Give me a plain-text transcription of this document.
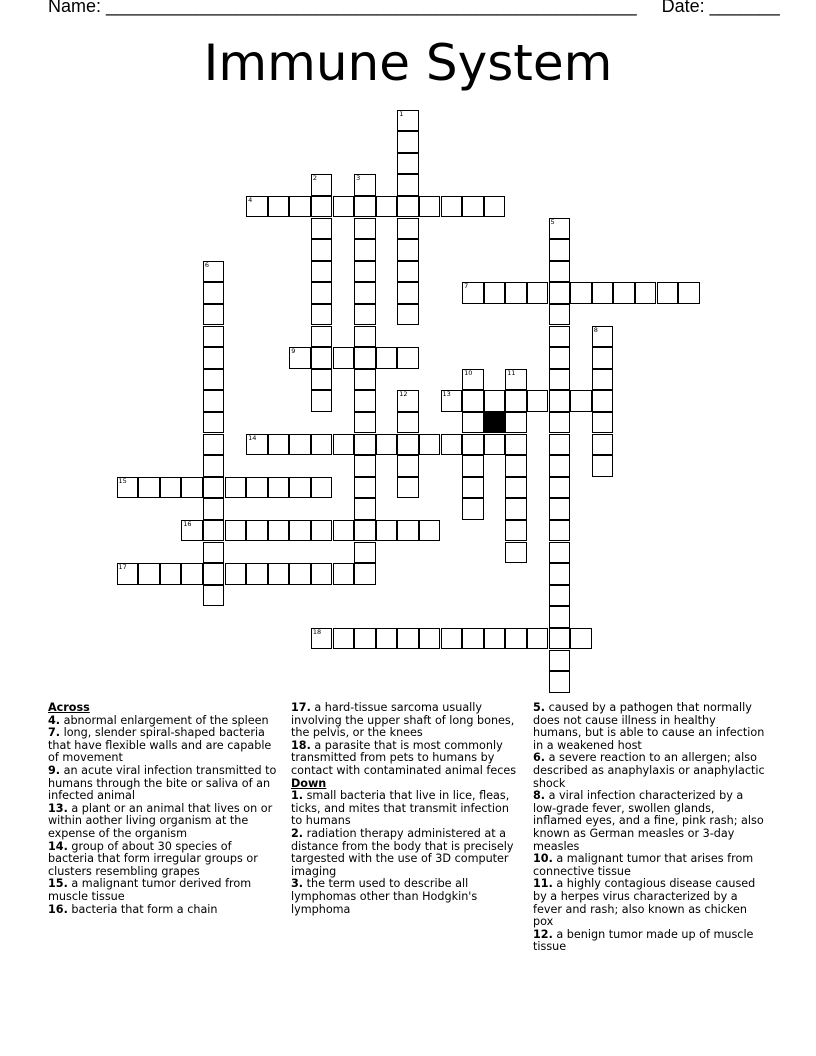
Name: _____________________________________________________ Date: _______
Immune System
1
2	3
4
5
6
7
8
9
10	11
12	13
14
15
16
17
18
Across
4. abnormal enlargement of the spleen
7. long, slender spiral-shaped bacteria that have flexible walls and are capable of movement
9. an acute viral infection transmitted to humans through the bite or saliva of an infected animal
13. a plant or an animal that lives on or within aother living organism at the expense of the organism
14. group of about 30 species of bacteria that form irregular groups or clusters resembling grapes
15. a malignant tumor derived from muscle tissue
16. bacteria that form a chain
17. a hard-tissue sarcoma usually involving the upper shaft of long bones, the pelvis, or the knees
18. a parasite that is most commonly transmitted from pets to humans by contact with contaminated animal feces
Down
1. small bacteria that live in lice, fleas, ticks, and mites that transmit infection to humans
2. radiation therapy administered at a distance from the body that is precisely targested with the use of 3D computer imaging
3. the term used to describe all lymphomas other than Hodgkin's lymphoma
5. caused by a pathogen that normally does not cause illness in healthy humans, but is able to cause an infection in a weakened host
6. a severe reaction to an allergen; also described as anaphylaxis or anaphylactic shock
8. a viral infection characterized by a low-grade fever, swollen glands, inflamed eyes, and a fine, pink rash; also known as German measles or 3-day measles
10. a malignant tumor that arises from connective tissue
11. a highly contagious disease caused by a herpes virus characterized by a fever and rash; also known as chicken pox
12. a benign tumor made up of muscle tissue
